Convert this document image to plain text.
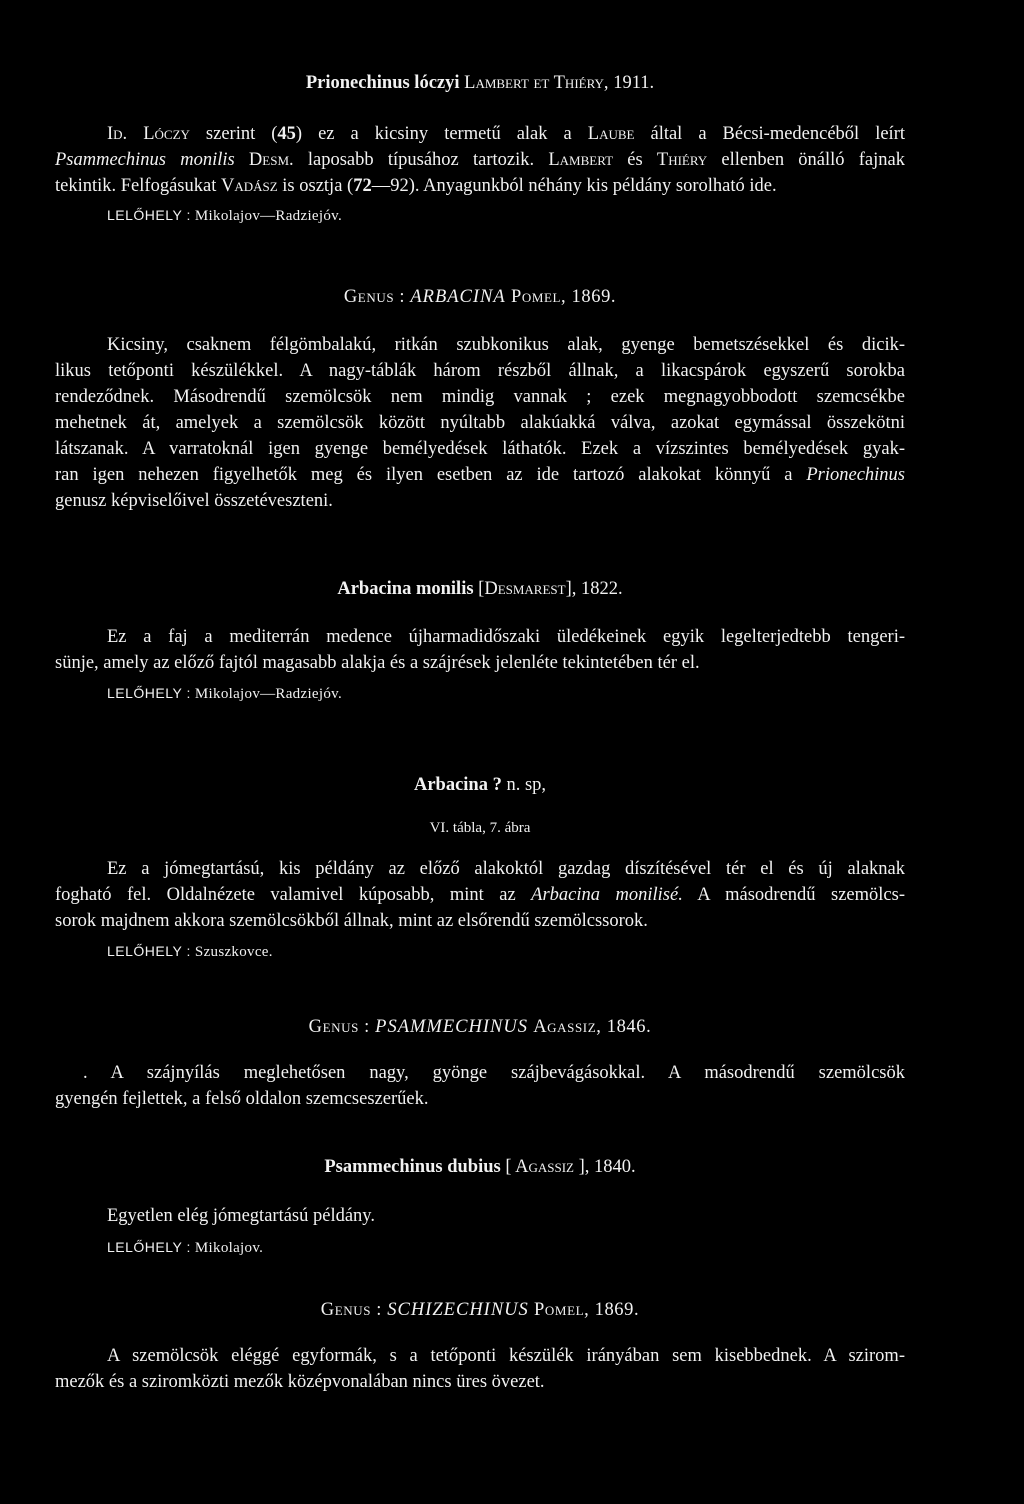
Prionechinus lóczyi Lambert et Thiéry, 1911.
Id. Lóczy szerint (45) ez a kicsiny termetű alak a Laube által a Bécsi-medencéből leírt
Psammechinus monilis Desm. laposabb típusához tartozik. Lambert és Thiéry ellenben önálló fajnak
tekintik. Felfogásukat Vadász is osztja (72—92). Anyagunkból néhány kis példány sorolható ide.
LELŐHELY : Mikolajov—Radziejóv.
Genus : ARBACINA Pomel, 1869.
Kicsiny, csaknem félgömbalakú, ritkán szubkonikus alak, gyenge bemetszésekkel és dicik-
likus tetőponti készülékkel. A nagy-táblák három részből állnak, a likacspárok egyszerű sorokba
rendeződnek. Másodrendű szemölcsök nem mindig vannak ; ezek megnagyobbodott szemcsékbe
mehetnek át, amelyek a szemölcsök között nyúltabb alakúakká válva, azokat egymással összekötni
látszanak. A varratoknál igen gyenge bemélyedések láthatók. Ezek a vízszintes bemélyedések gyak-
ran igen nehezen figyelhetők meg és ilyen esetben az ide tartozó alakokat könnyű a Prionechinus
genusz képviselőivel összetéveszteni.
Arbacina monilis [Desmarest], 1822.
Ez a faj a mediterrán medence újharmadidőszaki üledékeinek egyik legelterjedtebb tengeri-
sünje, amely az előző fajtól magasabb alakja és a szájrések jelenléte tekintetében tér el.
LELŐHELY : Mikolajov—Radziejóv.
Arbacina ? n. sp,
VI. tábla, 7. ábra
Ez a jómegtartású, kis példány az előző alakoktól gazdag díszítésével tér el és új alaknak
fogható fel. Oldalnézete valamivel kúposabb, mint az Arbacina monilisé. A másodrendű szemölcs-
sorok majdnem akkora szemölcsökből állnak, mint az elsőrendű szemölcssorok.
LELŐHELY : Szuszkovce.
Genus : PSAMMECHINUS Agassiz, 1846.
. A szájnyílás meglehetősen nagy, gyönge szájbevágásokkal. A másodrendű szemölcsök
gyengén fejlettek, a felső oldalon szemcseszerűek.
Psammechinus dubius [ Agassiz ], 1840.
Egyetlen elég jómegtartású példány.
LELŐHELY : Mikolajov.
Genus : SCHIZECHINUS Pomel, 1869.
A szemölcsök eléggé egyformák, s a tetőponti készülék irányában sem kisebbednek. A szirom-
mezők és a sziromközti mezők középvonalában nincs üres övezet.
